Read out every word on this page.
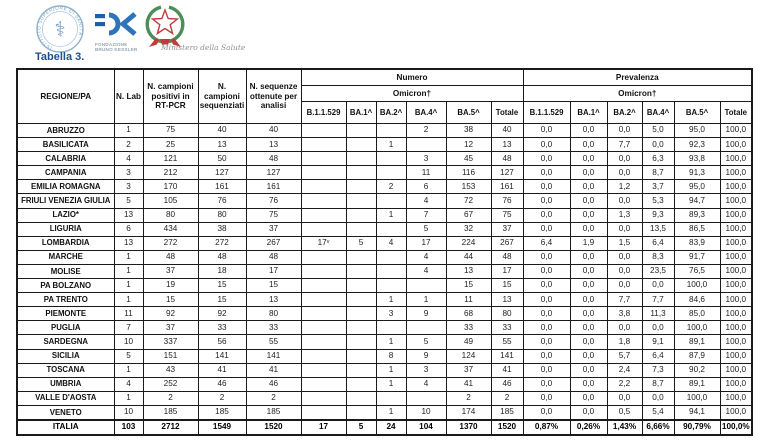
ISTITUTO SUPERIORE DI SANITÀ
⚕
FONDAZIONE
BRUNO KESSLER	Ministero della Salute
Tabella 3.
REGIONE/PA	N. Lab	N. campioni positivi in RT-PCR	N. campioni sequenziati	N. sequenze ottenute per analisi	Numero						Prevalenza					
					Omicron†						Omicron†					
					B.1.1.529	BA.1^	BA.2^	BA.4^	BA.5^	Totale	B.1.1.529	BA.1^	BA.2^	BA.4^	BA.5^	Totale
ABRUZZO	1	75	40	40				2	38	40	0,0	0,0	0,0	5,0	95,0	100,0
BASILICATA	2	25	13	13			1		12	13	0,0	0,0	7,7	0,0	92,3	100,0
CALABRIA	4	121	50	48				3	45	48	0,0	0,0	0,0	6,3	93,8	100,0
CAMPANIA	3	212	127	127				11	116	127	0,0	0,0	0,0	8,7	91,3	100,0
EMILIA ROMAGNA	3	170	161	161			2	6	153	161	0,0	0,0	1,2	3,7	95,0	100,0
FRIULI VENEZIA GIULIA	5	105	76	76				4	72	76	0,0	0,0	0,0	5,3	94,7	100,0
LAZIO*	13	80	80	75			1	7	67	75	0,0	0,0	1,3	9,3	89,3	100,0
LIGURIA	6	434	38	37				5	32	37	0,0	0,0	0,0	13,5	86,5	100,0
LOMBARDIA	13	272	272	267	17ᵛ	5	4	17	224	267	6,4	1,9	1,5	6,4	83,9	100,0
MARCHE	1	48	48	48				4	44	48	0,0	0,0	0,0	8,3	91,7	100,0
MOLISE	1	37	18	17				4	13	17	0,0	0,0	0,0	23,5	76,5	100,0
PA BOLZANO	1	19	15	15					15	15	0,0	0,0	0,0	0,0	100,0	100,0
PA TRENTO	1	15	15	13			1	1	11	13	0,0	0,0	7,7	7,7	84,6	100,0
PIEMONTE	11	92	92	80			3	9	68	80	0,0	0,0	3,8	11,3	85,0	100,0
PUGLIA	7	37	33	33					33	33	0,0	0,0	0,0	0,0	100,0	100,0
SARDEGNA	10	337	56	55			1	5	49	55	0,0	0,0	1,8	9,1	89,1	100,0
SICILIA	5	151	141	141			8	9	124	141	0,0	0,0	5,7	6,4	87,9	100,0
TOSCANA	1	43	41	41			1	3	37	41	0,0	0,0	2,4	7,3	90,2	100,0
UMBRIA	4	252	46	46			1	4	41	46	0,0	0,0	2,2	8,7	89,1	100,0
VALLE D'AOSTA	1	2	2	2					2	2	0,0	0,0	0,0	0,0	100,0	100,0
VENETO	10	185	185	185			1	10	174	185	0,0	0,0	0,5	5,4	94,1	100,0
ITALIA	103	2712	1549	1520	17	5	24	104	1370	1520	0,87%	0,26%	1,43%	6,66%	90,79%	100,0%
